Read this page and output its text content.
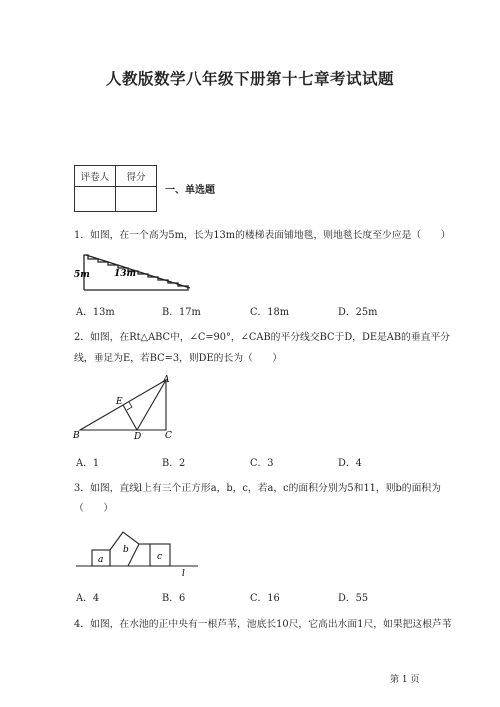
人教版数学八年级下册第十七章考试试题
评卷人	得分

一、单选题
1．如图，在一个高为5m，长为13m的楼梯表面铺地毯，则地毯长度至少应是（　　）
5m	13m
A．13m	B．17m	C．18m	D．25m
2．如图，在Rt△ABC中，∠C=90°，∠CAB的平分线交BC于D，DE是AB的垂直平分
线，垂足为E，若BC=3，则DE的长为（　　）
A
B	C
D
E
A．1	B．2	C．3	D．4
3．如图，直线l上有三个正方形a，b，c，若a，c的面积分别为5和11，则b的面积为
（　　）
a
b
c
l
A．4	B．6	C．16	D．55
4．如图，在水池的正中央有一根芦苇，池底长10尺，它高出水面1尺，如果把这根芦苇
第 1 页
